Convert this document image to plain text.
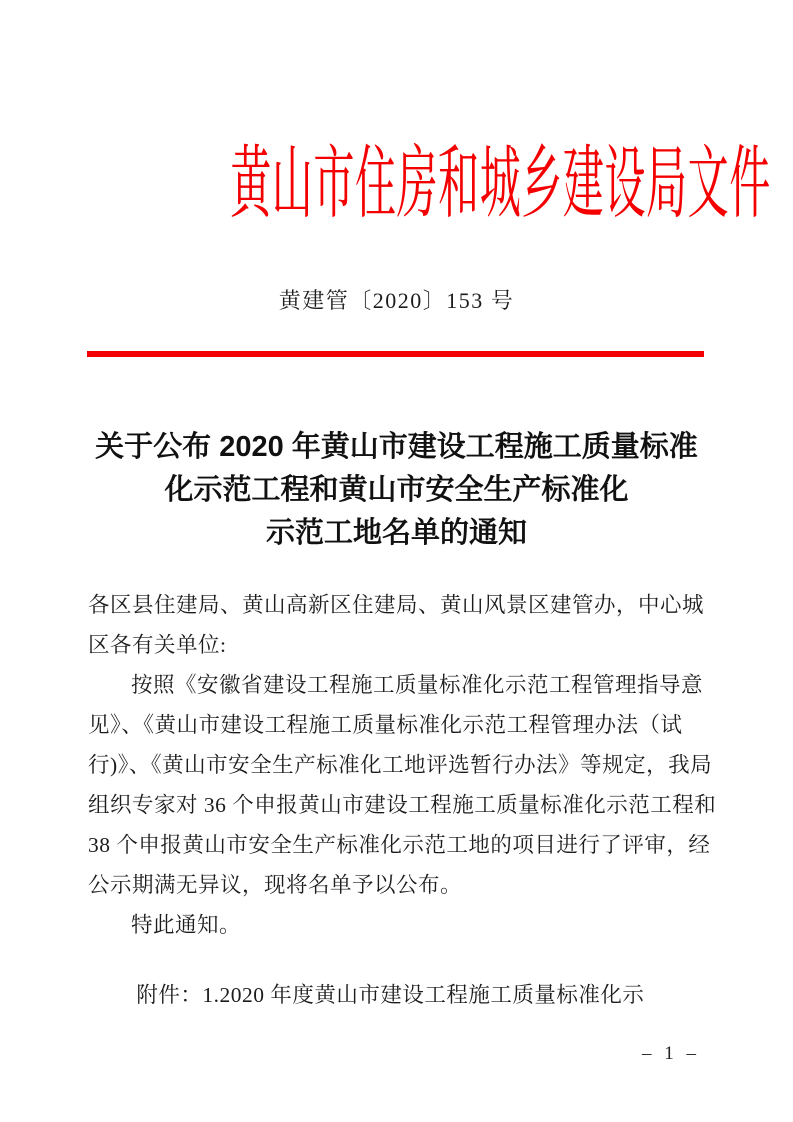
黄山市住房和城乡建设局文件
黄建管〔2020〕153 号
关于公布 2020 年黄山市建设工程施工质量标准
化示范工程和黄山市安全生产标准化
示范工地名单的通知

各区县住建局、黄山高新区住建局、黄山风景区建管办，中心城
区各有关单位:

按照《安徽省建设工程施工质量标准化示范工程管理指导意
见》、《黄山市建设工程施工质量标准化示范工程管理办法（试
行)》、《黄山市安全生产标准化工地评选暂行办法》等规定，我局
组织专家对 36 个申报黄山市建设工程施工质量标准化示范工程和
38 个申报黄山市安全生产标准化示范工地的项目进行了评审，经
公示期满无异议，现将名单予以公布。

特此通知。

附件：1.2020 年度黄山市建设工程施工质量标准化示

– 1 –
